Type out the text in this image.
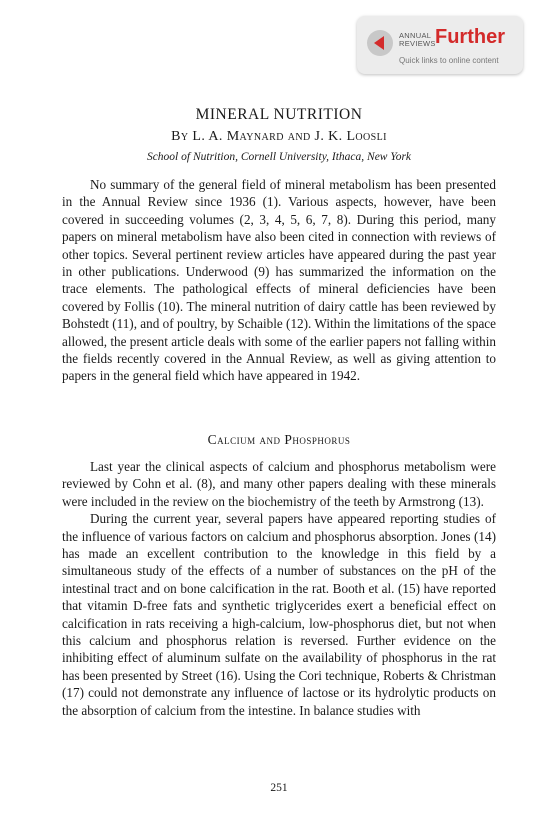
ANNUAL
REVIEWS Further
Quick links to online content
MINERAL NUTRITION
By L. A. Maynard and J. K. Loosli
School of Nutrition, Cornell University, Ithaca, New York

No summary of the general field of mineral metabolism has been presented in the Annual Review since 1936 (1). Various aspects, however, have been covered in succeeding volumes (2, 3, 4, 5, 6, 7, 8). During this period, many papers on mineral metabolism have also been cited in connection with reviews of other topics. Several pertinent review articles have appeared during the past year in other publications. Underwood (9) has summarized the information on the trace elements. The pathological effects of mineral deficiencies have been covered by Follis (10). The mineral nutrition of dairy cattle has been reviewed by Bohstedt (11), and of poultry, by Schaible (12). Within the limitations of the space allowed, the present article deals with some of the earlier papers not falling within the fields recently covered in the Annual Review, as well as giving attention to papers in the general field which have appeared in 1942.

Calcium and Phosphorus

Last year the clinical aspects of calcium and phosphorus metabolism were reviewed by Cohn et al. (8), and many other papers dealing with these minerals were included in the review on the biochemistry of the teeth by Armstrong (13).

During the current year, several papers have appeared reporting studies of the influence of various factors on calcium and phosphorus absorption. Jones (14) has made an excellent contribution to the knowledge in this field by a simultaneous study of the effects of a number of substances on the pH of the intestinal tract and on bone calcification in the rat. Booth et al. (15) have reported that vitamin D-free fats and synthetic triglycerides exert a beneficial effect on calcification in rats receiving a high-calcium, low-phosphorus diet, but not when this calcium and phosphorus relation is reversed. Further evidence on the inhibiting effect of aluminum sulfate on the availability of phosphorus in the rat has been presented by Street (16). Using the Cori technique, Roberts & Christman (17) could not demonstrate any influence of lactose or its hydrolytic products on the absorption of calcium from the intestine. In balance studies with

251
